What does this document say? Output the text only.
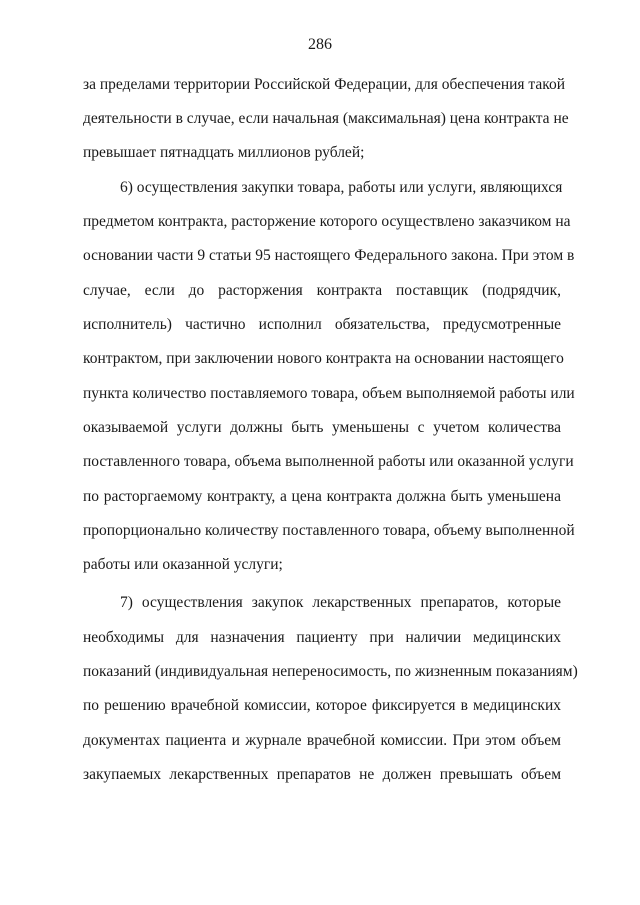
286
за пределами территории Российской Федерации, для обеспечения такой
деятельности в случае, если начальная (максимальная) цена контракта не
превышает пятнадцать миллионов рублей;
6) осуществления закупки товара, работы или услуги, являющихся
предметом контракта, расторжение которого осуществлено заказчиком на
основании части 9 статьи 95 настоящего Федерального закона. При этом в
случае, если до расторжения контракта поставщик (подрядчик,
исполнитель) частично исполнил обязательства, предусмотренные
контрактом, при заключении нового контракта на основании настоящего
пункта количество поставляемого товара, объем выполняемой работы или
оказываемой услуги должны быть уменьшены с учетом количества
поставленного товара, объема выполненной работы или оказанной услуги
по расторгаемому контракту, а цена контракта должна быть уменьшена
пропорционально количеству поставленного товара, объему выполненной
работы или оказанной услуги;
7) осуществления закупок лекарственных препаратов, которые
необходимы для назначения пациенту при наличии медицинских
показаний (индивидуальная непереносимость, по жизненным показаниям)
по решению врачебной комиссии, которое фиксируется в медицинских
документах пациента и журнале врачебной комиссии. При этом объем
закупаемых лекарственных препаратов не должен превышать объем
